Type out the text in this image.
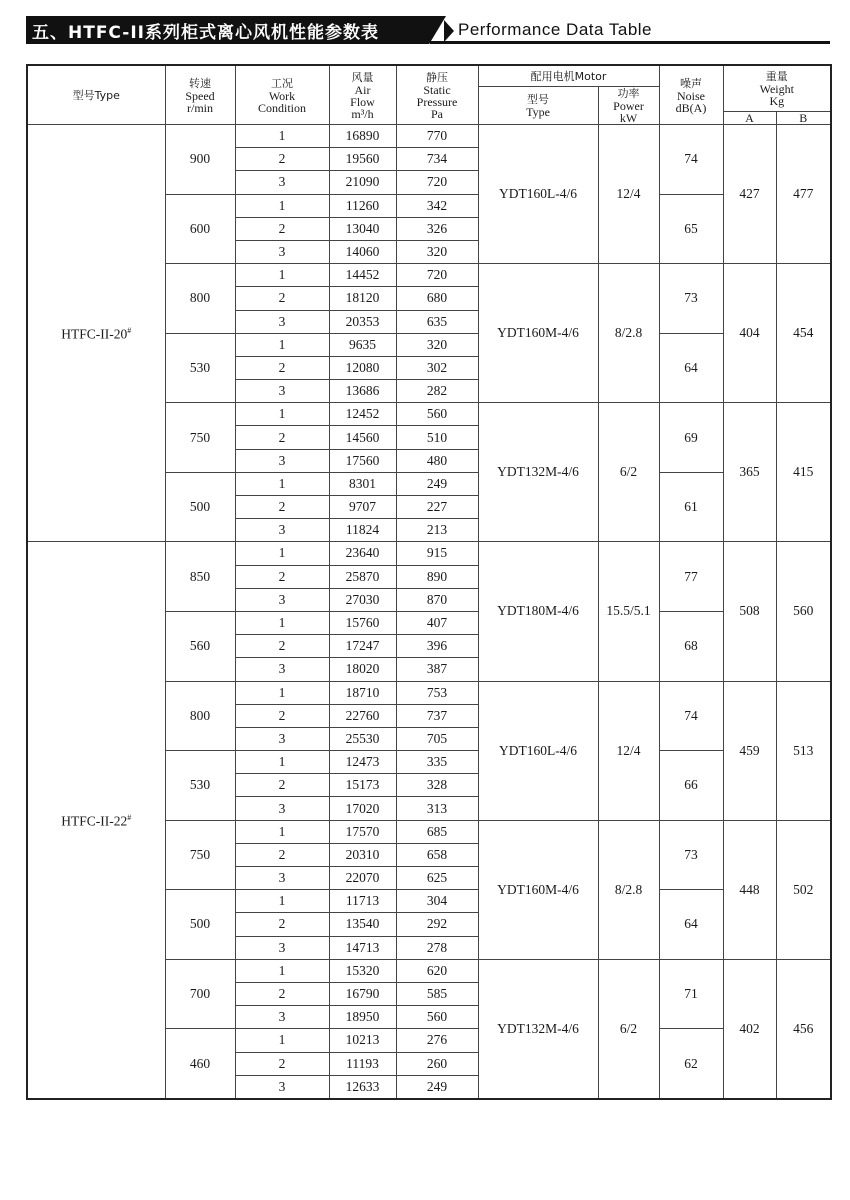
五、HTFC-II系列柜式离心风机性能参数表	Performance Data Table
型号Type	转速
Speed
r/min	工况
Work
Condition	风量
Air
Flow
m³/h	静压
Static
Pressure
Pa	配用电机Motor		噪声
Noise
dB(A)	重量
Weight
Kg	
					型号
Type	功率
Power
kW			
								A	B
HTFC-II-20#	900	1	16890	770	YDT160L-4/6	12/4	74	427	477
		2	19560	734					
		3	21090	720					
	600	1	11260	342			65		
		2	13040	326					
		3	14060	320					
	800	1	14452	720	YDT160M-4/6	8/2.8	73	404	454
		2	18120	680					
		3	20353	635					
	530	1	9635	320			64		
		2	12080	302					
		3	13686	282					
	750	1	12452	560	YDT132M-4/6	6/2	69	365	415
		2	14560	510					
		3	17560	480					
	500	1	8301	249			61		
		2	9707	227					
		3	11824	213					
HTFC-II-22#	850	1	23640	915	YDT180M-4/6	15.5/5.1	77	508	560
		2	25870	890					
		3	27030	870					
	560	1	15760	407			68		
		2	17247	396					
		3	18020	387					
	800	1	18710	753	YDT160L-4/6	12/4	74	459	513
		2	22760	737					
		3	25530	705					
	530	1	12473	335			66		
		2	15173	328					
		3	17020	313					
	750	1	17570	685	YDT160M-4/6	8/2.8	73	448	502
		2	20310	658					
		3	22070	625					
	500	1	11713	304			64		
		2	13540	292					
		3	14713	278					
	700	1	15320	620	YDT132M-4/6	6/2	71	402	456
		2	16790	585					
		3	18950	560					
	460	1	10213	276			62		
		2	11193	260					
		3	12633	249					
